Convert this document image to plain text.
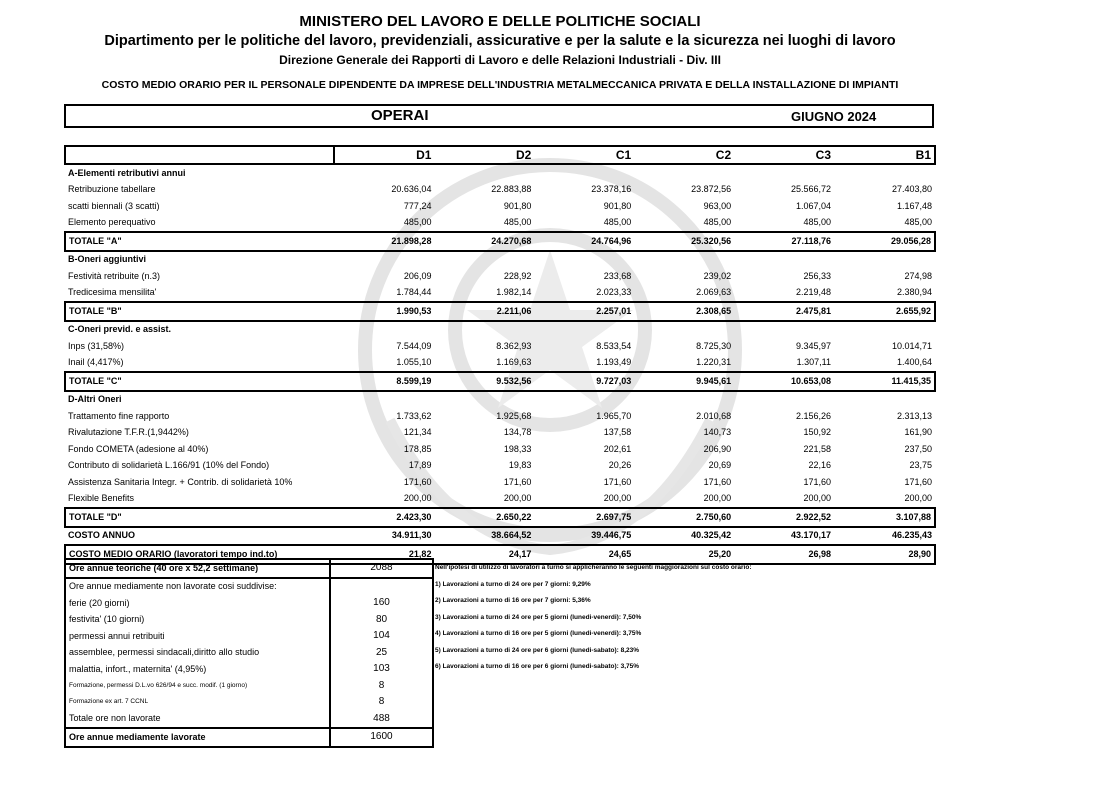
MINISTERO DEL LAVORO E DELLE POLITICHE SOCIALI
Dipartimento per le politiche del lavoro, previdenziali, assicurative e per la salute e la sicurezza nei luoghi di lavoro
Direzione Generale dei Rapporti di Lavoro e delle Relazioni Industriali - Div. III
COSTO MEDIO ORARIO PER IL PERSONALE DIPENDENTE DA IMPRESE DELL'INDUSTRIA METALMECCANICA PRIVATA E DELLA INSTALLAZIONE DI IMPIANTI
OPERAI	GIUGNO 2024
	D1	D2	C1	C2	C3	B1
A-Elementi retributivi annui						
Retribuzione tabellare	20.636,04	22.883,88	23.378,16	23.872,56	25.566,72	27.403,80
scatti biennali (3 scatti)	777,24	901,80	901,80	963,00	1.067,04	1.167,48
Elemento perequativo	485,00	485,00	485,00	485,00	485,00	485,00
TOTALE "A"	21.898,28	24.270,68	24.764,96	25.320,56	27.118,76	29.056,28
B-Oneri aggiuntivi						
Festività retribuite (n.3)	206,09	228,92	233,68	239,02	256,33	274,98
Tredicesima mensilita'	1.784,44	1.982,14	2.023,33	2.069,63	2.219,48	2.380,94
TOTALE "B"	1.990,53	2.211,06	2.257,01	2.308,65	2.475,81	2.655,92
C-Oneri previd. e assist.						
Inps (31,58%)	7.544,09	8.362,93	8.533,54	8.725,30	9.345,97	10.014,71
Inail (4,417%)	1.055,10	1.169,63	1.193,49	1.220,31	1.307,11	1.400,64
TOTALE "C"	8.599,19	9.532,56	9.727,03	9.945,61	10.653,08	11.415,35
D-Altri Oneri						
Trattamento fine rapporto	1.733,62	1.925,68	1.965,70	2.010,68	2.156,26	2.313,13
Rivalutazione T.F.R.(1,9442%)	121,34	134,78	137,58	140,73	150,92	161,90
Fondo COMETA (adesione al 40%)	178,85	198,33	202,61	206,90	221,58	237,50
Contributo di solidarietà L.166/91 (10% del Fondo)	17,89	19,83	20,26	20,69	22,16	23,75
Assistenza Sanitaria Integr. + Contrib. di solidarietà 10%	171,60	171,60	171,60	171,60	171,60	171,60
Flexible Benefits	200,00	200,00	200,00	200,00	200,00	200,00
TOTALE "D"	2.423,30	2.650,22	2.697,75	2.750,60	2.922,52	3.107,88
COSTO ANNUO	34.911,30	38.664,52	39.446,75	40.325,42	43.170,17	46.235,43
COSTO MEDIO ORARIO (lavoratori tempo ind.to)	21,82	24,17	24,65	25,20	26,98	28,90
Ore annue teoriche (40 ore x 52,2 settimane)	2088
Ore annue mediamente non lavorate cosi suddivise:	
ferie (20 giorni)	160
festivita' (10 giorni)	80
permessi annui retribuiti	104
assemblee, permessi sindacali,diritto allo studio	25
malattia, infort., maternita' (4,95%)	103
Formazione, permessi D.L.vo 626/94 e succ. modif. (1 giorno)	8
Formazione ex art. 7 CCNL	8
Totale ore non lavorate	488
Ore annue mediamente lavorate	1600
Nell'ipotesi di utilizzo di lavoratori a turno si applicheranno le seguenti maggiorazioni sul costo orario:
1) Lavorazioni a turno di 24 ore per 7 giorni: 9,29%
2) Lavorazioni a turno di 16 ore per 7 giorni: 5,36%
3) Lavorazioni a turno di 24 ore per 5 giorni (lunedi-venerdi): 7,50%
4) Lavorazioni a turno di 16 ore per 5 giorni (lunedi-venerdi): 3,75%
5) Lavorazioni a turno di 24 ore per 6 giorni (lunedi-sabato): 8,23%
6) Lavorazioni a turno di 16 ore per 6 giorni (lunedi-sabato): 3,75%
